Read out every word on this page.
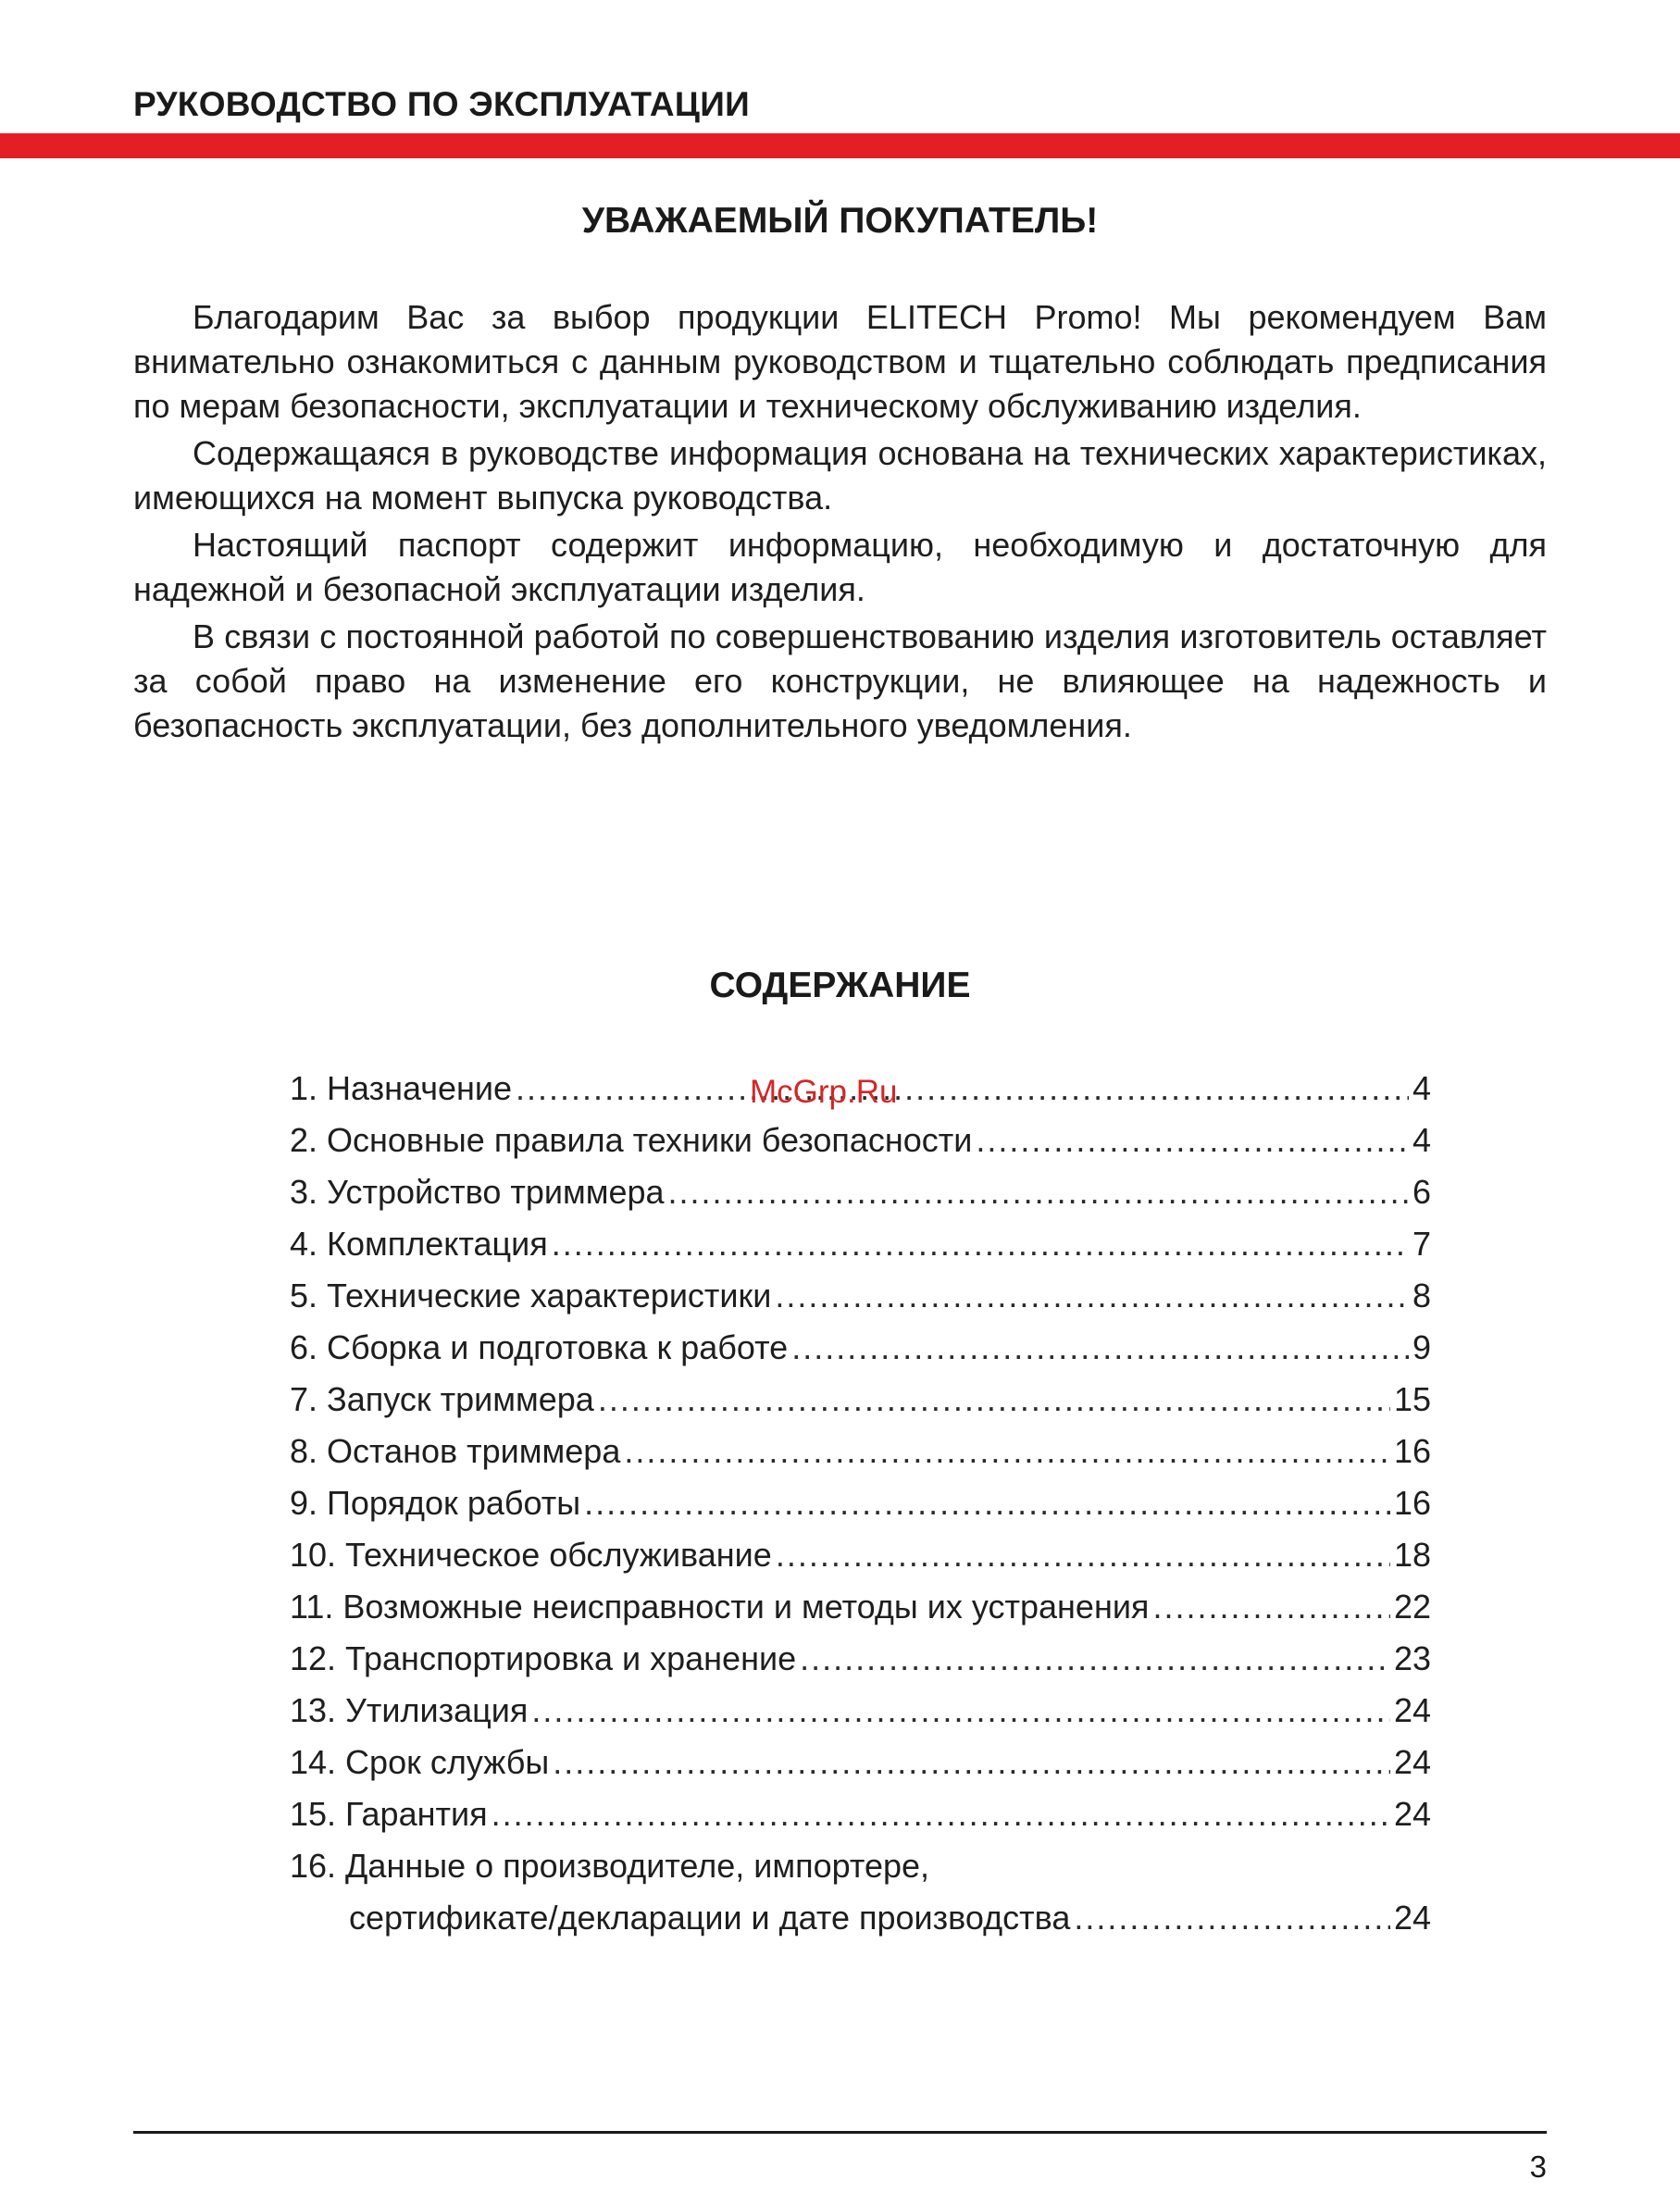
РУКОВОДСТВО ПО ЭКСПЛУАТАЦИИ
УВАЖАЕМЫЙ ПОКУПАТЕЛЬ!

Благодарим Вас за выбор продукции ELITECH Promo! Мы рекомендуем Вам внимательно ознакомиться с данным руководством и тщательно соблюдать предписания по мерам безопасности, эксплуатации и техническому обслуживанию изделия.

Содержащаяся в руководстве информация основана на технических характеристиках, имеющихся на момент выпуска руководства.

Настоящий паспорт содержит информацию, необходимую и достаточную для надежной и безопасной эксплуатации изделия.

В связи с постоянной работой по совершенствованию изделия изготовитель оставляет за собой право на изменение его конструкции, не влияющее на надежность и безопасность эксплуатации, без дополнительного уведомления.

СОДЕРЖАНИЕ
1. Назначение .....	4
2. Основные правила техники безопасности .....	4
3. Устройство триммера .....	6
4. Комплектация .....	7
5. Технические характеристики .....	8
6. Сборка и подготовка к работе .....	9
7. Запуск триммера .....	15
8. Останов триммера .....	16
9. Порядок работы .....	16
10. Техническое обслуживание .....	18
11. Возможные неисправности и методы их устранения .....	22
12. Транспортировка и хранение .....	23
13. Утилизация .....	24
14. Срок службы .....	24
15. Гарантия .....	24
16. Данные о производителе, импортере,
сертификате/декларации и дате производства .....	24
McGrp.Ru
3
